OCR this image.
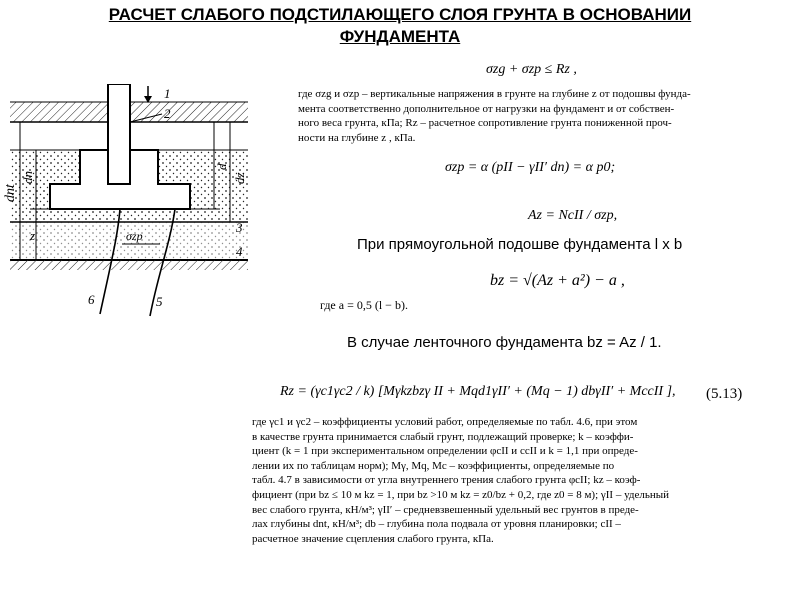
РАСЧЕТ СЛАБОГО ПОДСТИЛАЮЩЕГО СЛОЯ ГРУНТА В ОСНОВАНИИ
ФУНДАМЕНТА
1
2
3
4
5
6
dnt
dn
d
dz
z	σzp
σzg + σzp ≤ Rz ,
где σzg и σzp – вертикальные напряжения в грунте на глубине z от подошвы фунда-
мента соответственно дополнительное от нагрузки на фундамент и от собствен-
ного веса грунта, кПа; Rz – расчетное сопротивление грунта пониженной проч-
ности на глубине z , кПа.
σzp = α (pII − γII′ dn) = α p0;
Az = NcII / σzp,
При прямоугольной подошве фундамента l x b
bz = √(Az + a²) − a ,
где a = 0,5 (l − b).
В случае ленточного фундамента bz = Az / 1.
Rz = (γc1γc2 / k) [Mγkzbzγ II + Mqd1γII′ + (Mq − 1) dbγII′ + McсII ], (5.13)
где γc1 и γc2 – коэффициенты условий работ, определяемые по табл. 4.6, при этом
в качестве грунта принимается слабый грунт, подлежащий проверке; k – коэффи-
циент (k = 1 при экспериментальном определении φcII и cсII и k = 1,1 при опреде-
лении их по таблицам норм); Mγ, Mq, Mc – коэффициенты, определяемые по
табл. 4.7 в зависимости от угла внутреннего трения слабого грунта φcII; kz – коэф-
фициент (при bz ≤ 10 м kz = 1, при bz >10 м kz = z0/bz + 0,2, где z0 = 8 м); γII – удельный
вес слабого грунта, кН/м³; γII′ – средневзвешенный удельный вес грунтов в преде-
лах глубины dnt, кН/м³; db – глубина пола подвала от уровня планировки; cII –
расчетное значение сцепления слабого грунта, кПа.
